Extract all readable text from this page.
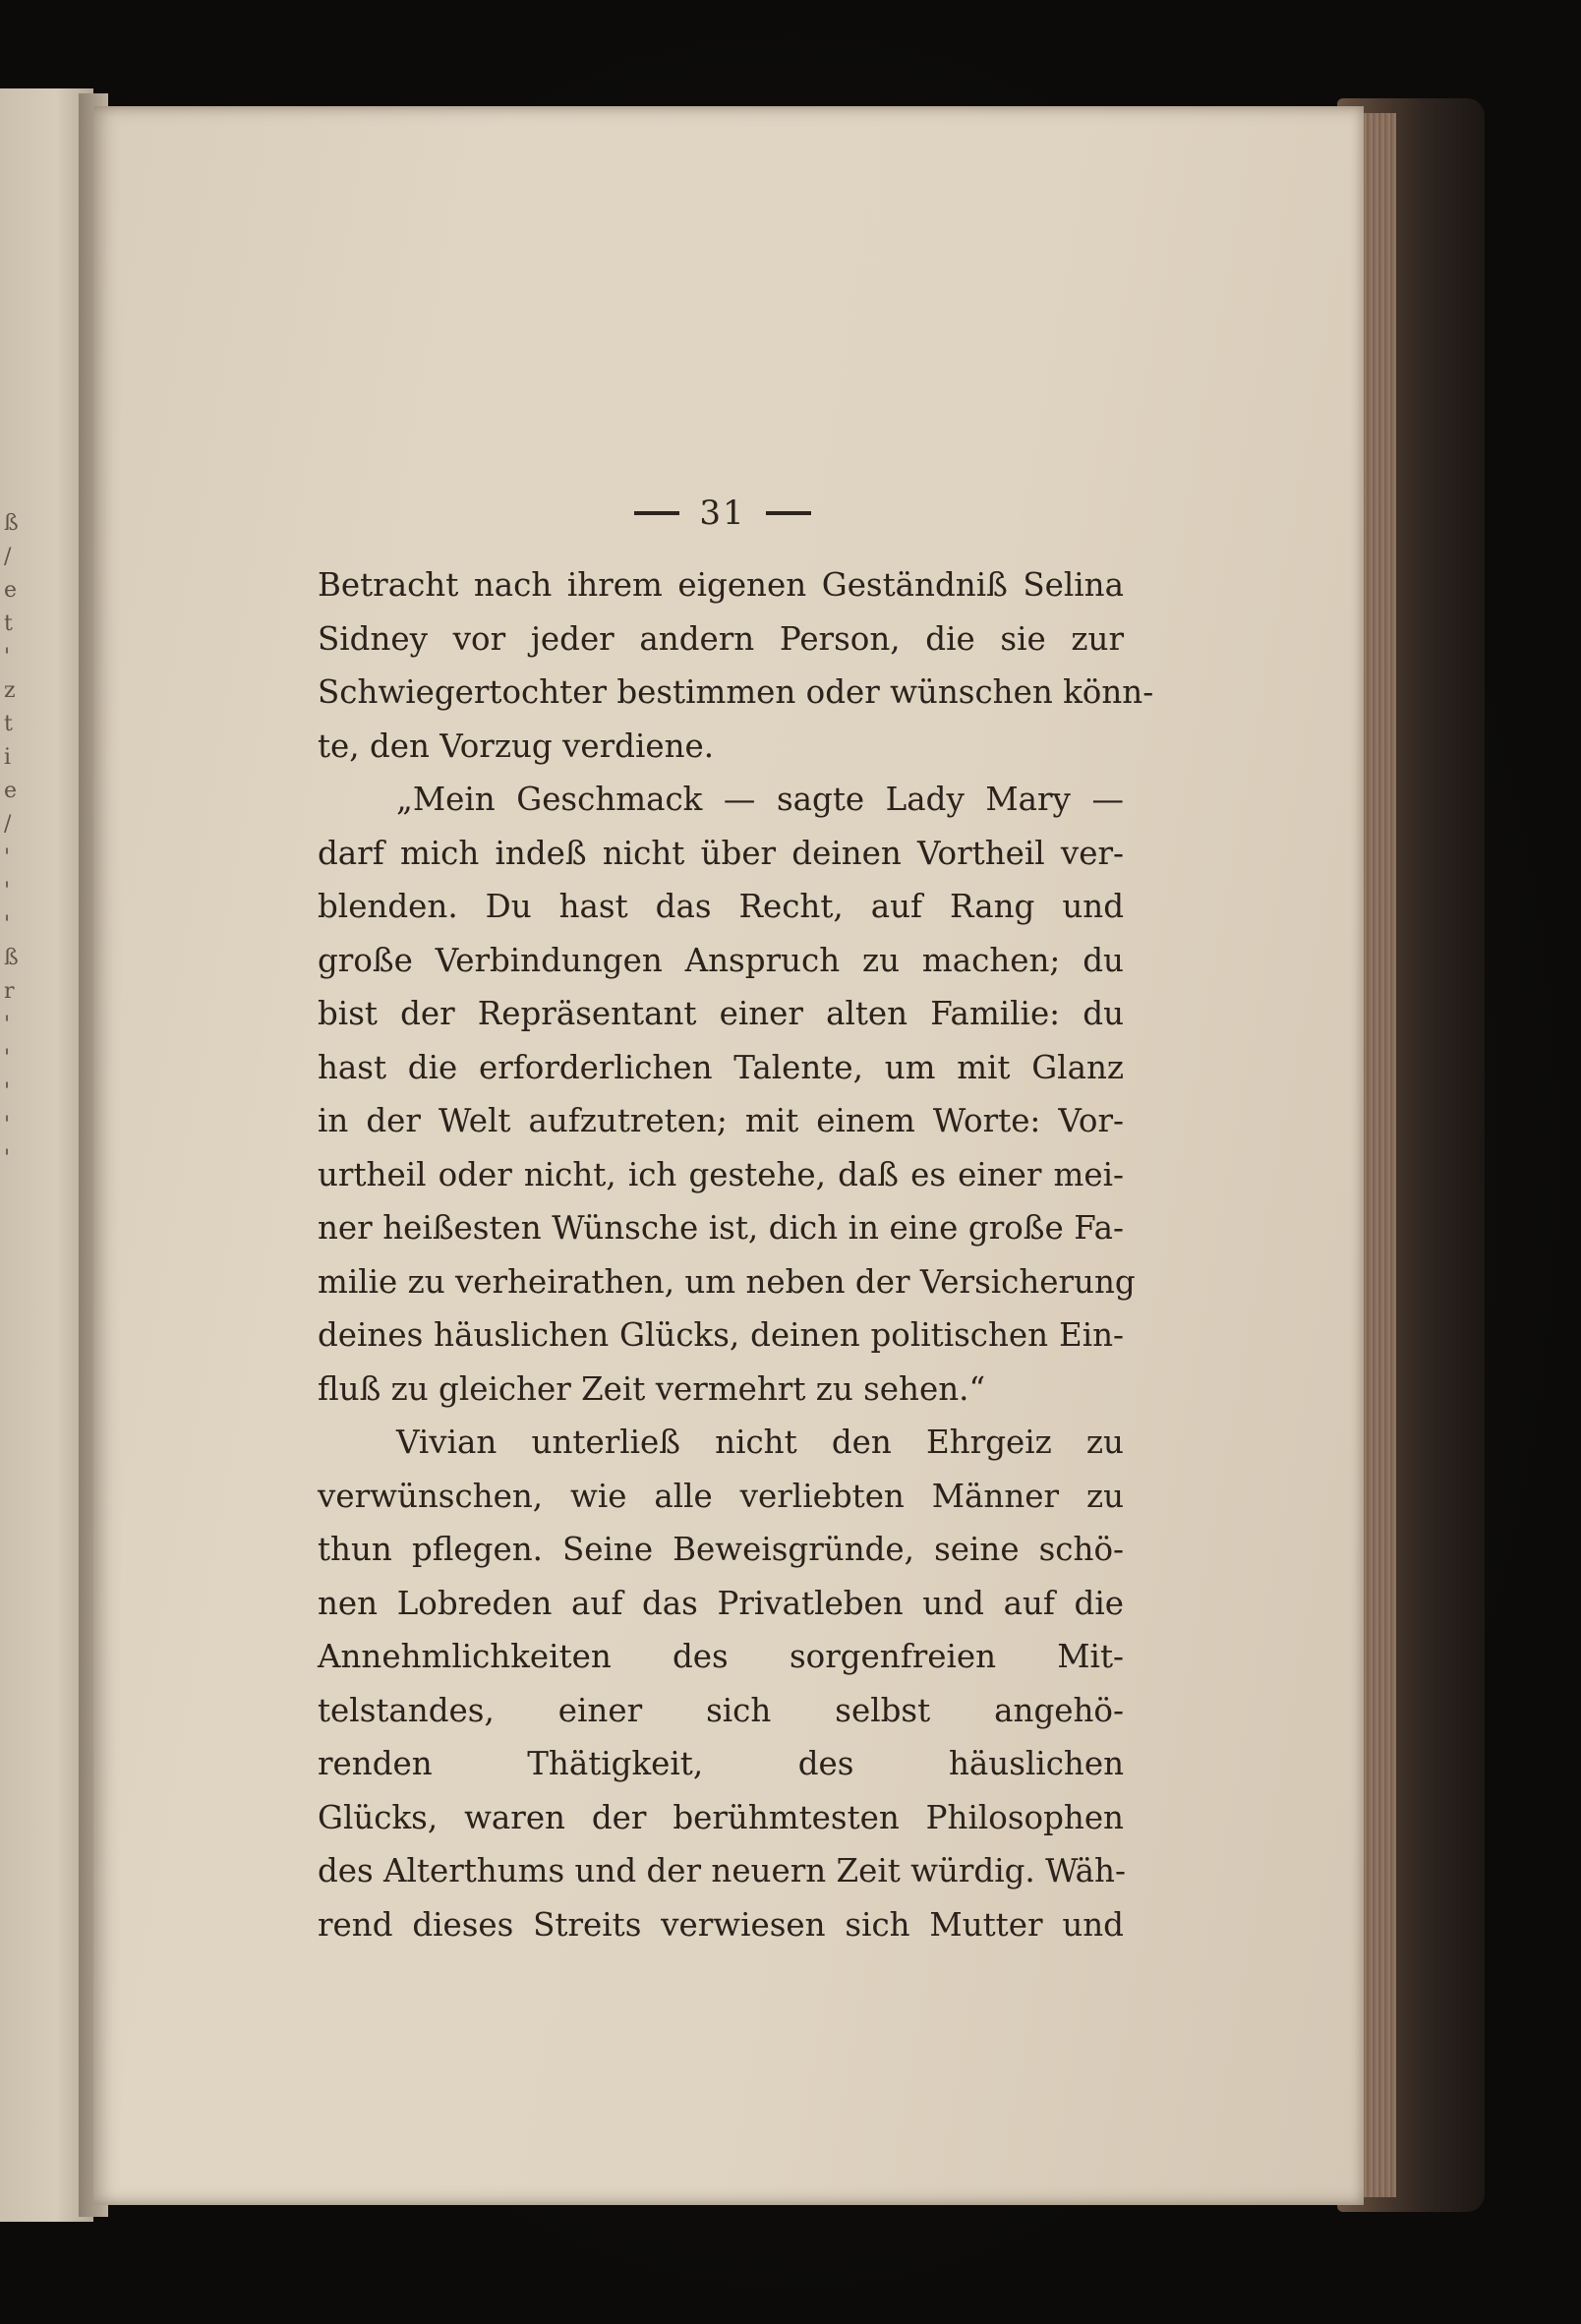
ß
/
e
t
'
z
t
i
e
/
'
'
'
ß
r
'
'
'
'
'
31
Betracht nach ihrem eigenen Geständniß Selina
Sidney vor jeder andern Person, die sie zur
Schwiegertochter bestimmen oder wünschen könn-
te, den Vorzug verdiene.
„Mein Geschmack — sagte Lady Mary —
darf mich indeß nicht über deinen Vortheil ver-
blenden. Du hast das Recht, auf Rang und
große Verbindungen Anspruch zu machen; du
bist der Repräsentant einer alten Familie: du
hast die erforderlichen Talente, um mit Glanz
in der Welt aufzutreten; mit einem Worte: Vor-
urtheil oder nicht, ich gestehe, daß es einer mei-
ner heißesten Wünsche ist, dich in eine große Fa-
milie zu verheirathen, um neben der Versicherung
deines häuslichen Glücks, deinen politischen Ein-
fluß zu gleicher Zeit vermehrt zu sehen.“
Vivian unterließ nicht den Ehrgeiz zu
verwünschen, wie alle verliebten Männer zu
thun pflegen. Seine Beweisgründe, seine schö-
nen Lobreden auf das Privatleben und auf die
Annehmlichkeiten des sorgenfreien Mit-
telstandes, einer sich selbst angehö-
renden Thätigkeit, des häuslichen
Glücks, waren der berühmtesten Philosophen
des Alterthums und der neuern Zeit würdig. Wäh-
rend dieses Streits verwiesen sich Mutter und
